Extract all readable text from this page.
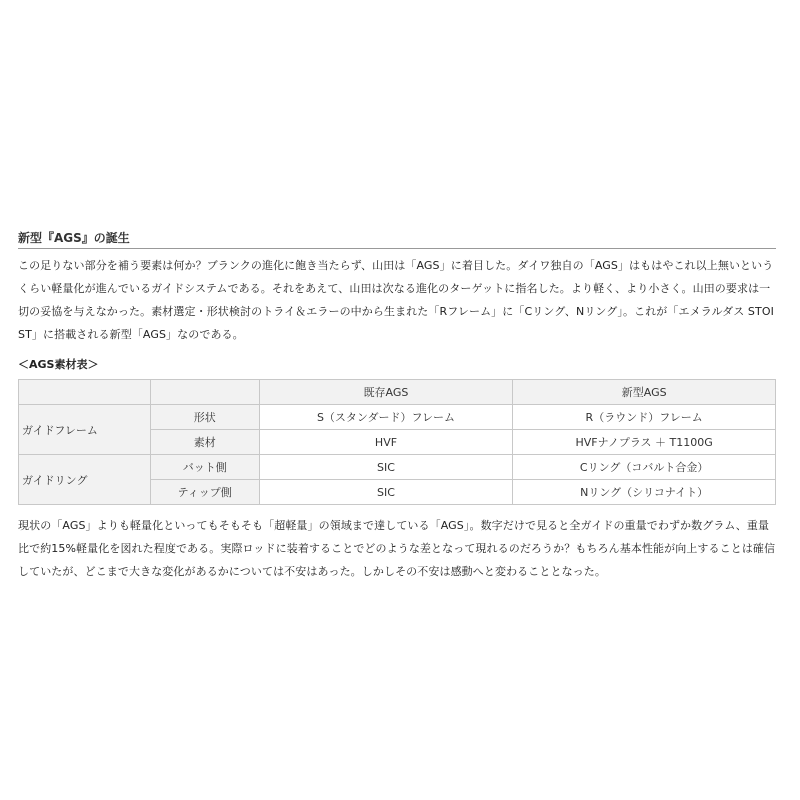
新型『AGS』の誕生

この足りない部分を補う要素は何か？ブランクの進化に飽き当たらず、山田は「AGS」に着目した。ダイワ独自の「AGS」はもはやこれ以上無いというくらい軽量化が進んでいるガイドシステムである。それをあえて、山田は次なる進化のターゲットに指名した。より軽く、より小さく。山田の要求は一切の妥協を与えなかった。素材選定・形状検討のトライ＆エラーの中から生まれた「Rフレーム」に「Cリング、Nリング」。これが「エメラルダス STOIST」に搭載される新型「AGS」なのである。

＜AGS素材表＞
		既存AGS	新型AGS
ガイドフレーム	形状	S（スタンダード）フレーム	R（ラウンド）フレーム
	素材	HVF	HVFナノプラス ＋ T1100G
ガイドリング	バット側	SIC	Cリング（コバルト合金）
	ティップ側	SIC	Nリング（シリコナイト）

現状の「AGS」よりも軽量化といってもそもそも「超軽量」の領域まで達している「AGS」。数字だけで見ると全ガイドの重量でわずか数グラム、重量比で約15%軽量化を図れた程度である。実際ロッドに装着することでどのような差となって現れるのだろうか？もちろん基本性能が向上することは確信していたが、どこまで大きな変化があるかについては不安はあった。しかしその不安は感動へと変わることとなった。
